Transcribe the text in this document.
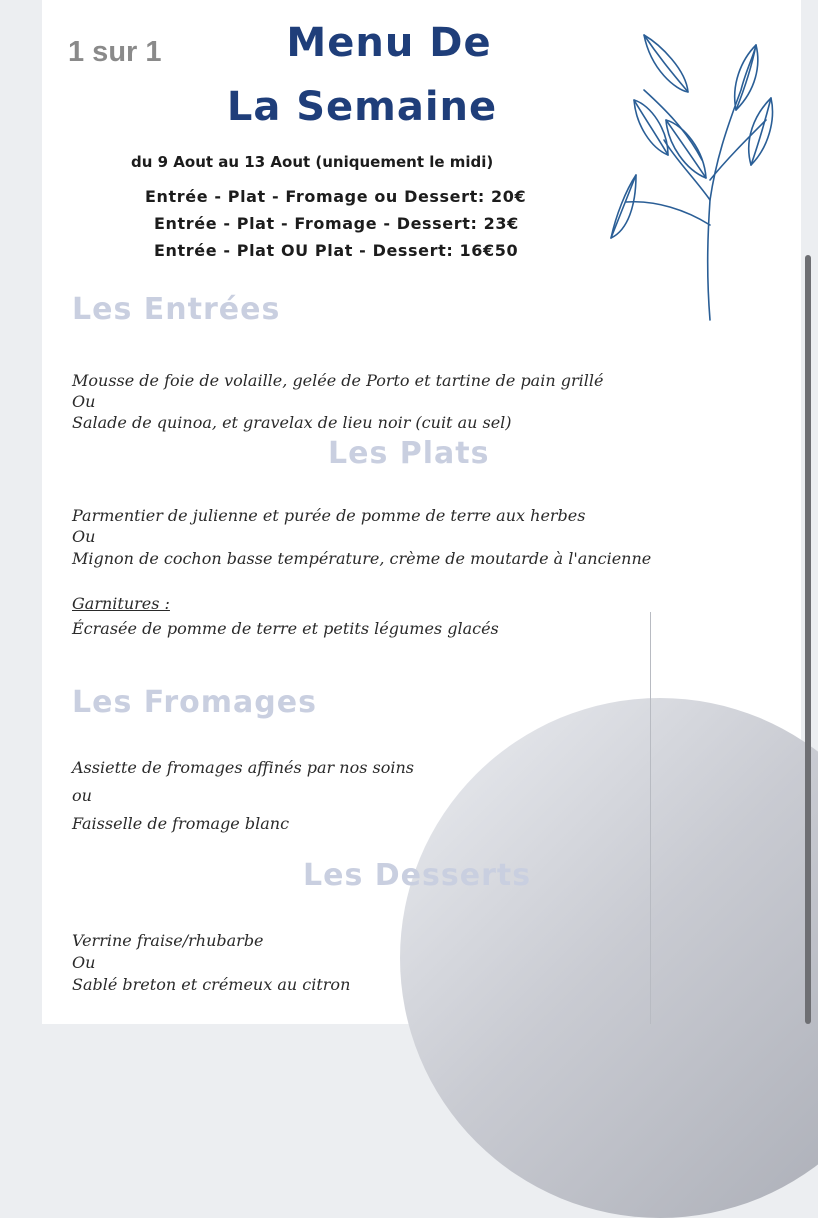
1 sur 1	Menu De
La Semaine
du 9 Aout au 13 Aout (uniquement le midi)
Entrée - Plat - Fromage ou Dessert: 20€
Entrée - Plat - Fromage - Dessert: 23€
Entrée - Plat OU Plat - Dessert: 16€50
Les Entrées
Mousse de foie de volaille, gelée de Porto et tartine de pain grillé
Ou
Salade de quinoa, et gravelax de lieu noir (cuit au sel)
Les Plats
Parmentier de julienne et purée de pomme de terre aux herbes
Ou
Mignon de cochon basse température, crème de moutarde à l'ancienne
Garnitures :
Écrasée de pomme de terre et petits légumes glacés
Les Fromages
Assiette de fromages affinés par nos soins
ou
Faisselle de fromage blanc
Les Desserts
Verrine fraise/rhubarbe
Ou
Sablé breton et crémeux au citron
